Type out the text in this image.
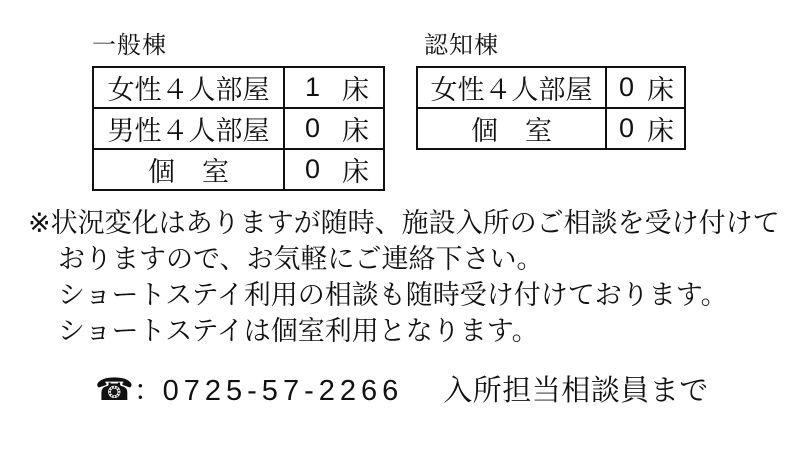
一般棟
女性４人部屋	1 床

男性４人部屋	0 床

個　室	0 床
認知棟
女性４人部屋	0 床

個　室	0 床
※状況変化はありますが随時、施設入所のご相談を受け付けて
おりますので、お気軽にご連絡下さい。
ショートステイ利用の相談も随時受け付けております。
ショートステイは個室利用となります。
☎：0725-57-2266 入所担当相談員まで
